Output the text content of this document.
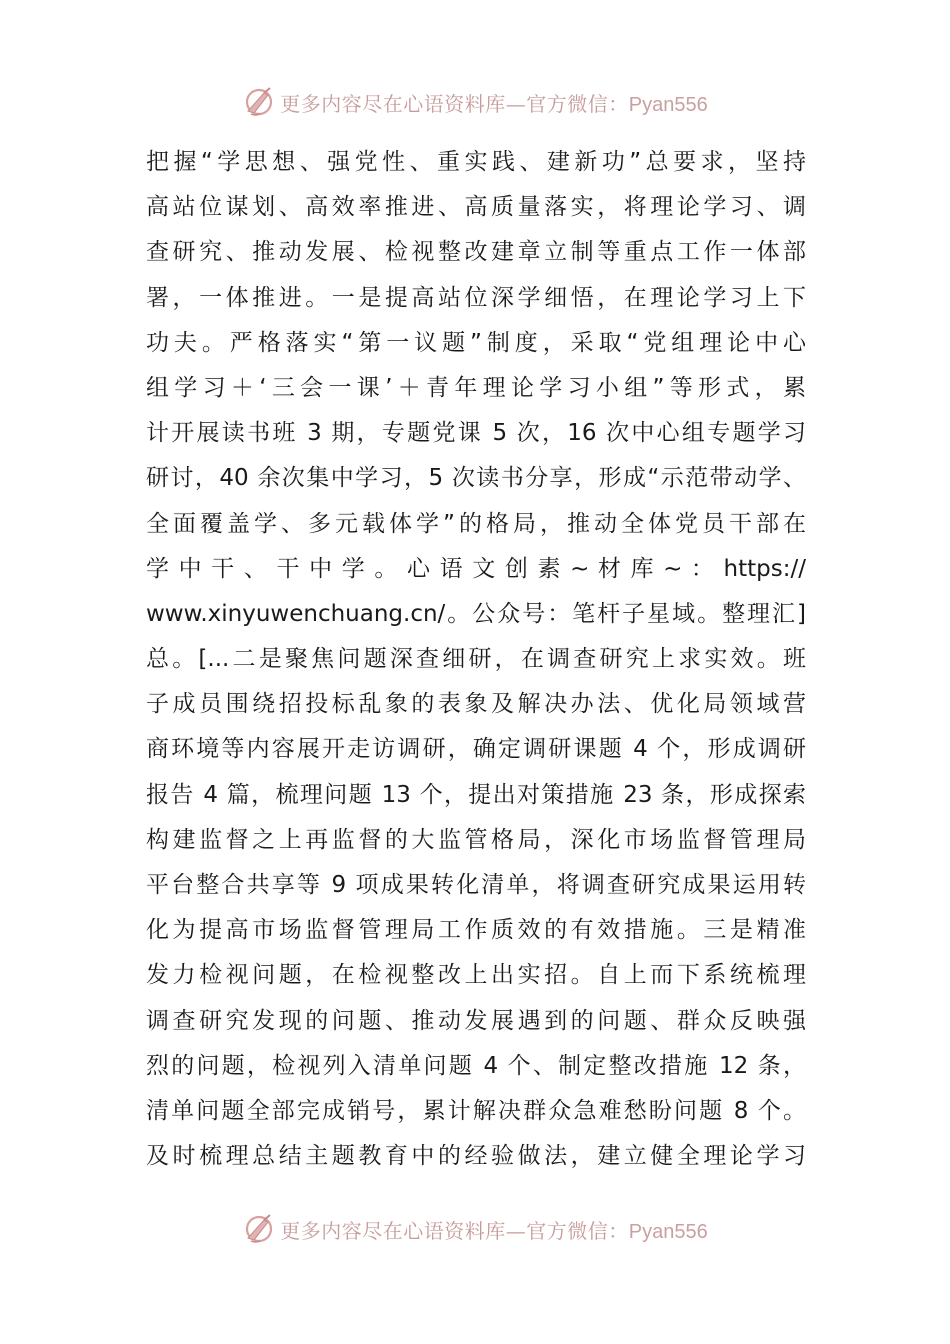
更多内容尽在心语资料库—官方微信：Pyan556
把握“学思想、强党性、重实践、建新功”总要求，坚持
高站位谋划、高效率推进、高质量落实，将理论学习、调
查研究、推动发展、检视整改建章立制等重点工作一体部
署，一体推进。一是提高站位深学细悟，在理论学习上下
功夫。严格落实“第一议题”制度，采取“党组理论中心
组学习＋‘三会一课’＋青年理论学习小组”等形式，累
计开展读书班 3 期，专题党课 5 次，16 次中心组专题学习
研讨，40 余次集中学习，5 次读书分享，形成“示范带动学、
全面覆盖学、多元载体学”的格局，推动全体党员干部在
学 中 干 、 干 中 学 。 心 语 文 创 素 ~ 材 库 ~ ： https://
www.xinyuwenchuang.cn/。公众号：笔杆子星域。整理汇]
总。[...二是聚焦问题深查细研，在调查研究上求实效。班
子成员围绕招投标乱象的表象及解决办法、优化局领域营
商环境等内容展开走访调研，确定调研课题 4 个，形成调研
报告 4 篇，梳理问题 13 个，提出对策措施 23 条，形成探索
构建监督之上再监督的大监管格局，深化市场监督管理局
平台整合共享等 9 项成果转化清单，将调查研究成果运用转
化为提高市场监督管理局工作质效的有效措施。三是精准
发力检视问题，在检视整改上出实招。自上而下系统梳理
调查研究发现的问题、推动发展遇到的问题、群众反映强
烈的问题，检视列入清单问题 4 个、制定整改措施 12 条，
清单问题全部完成销号，累计解决群众急难愁盼问题 8 个。
及时梳理总结主题教育中的经验做法，建立健全理论学习
更多内容尽在心语资料库—官方微信：Pyan556
